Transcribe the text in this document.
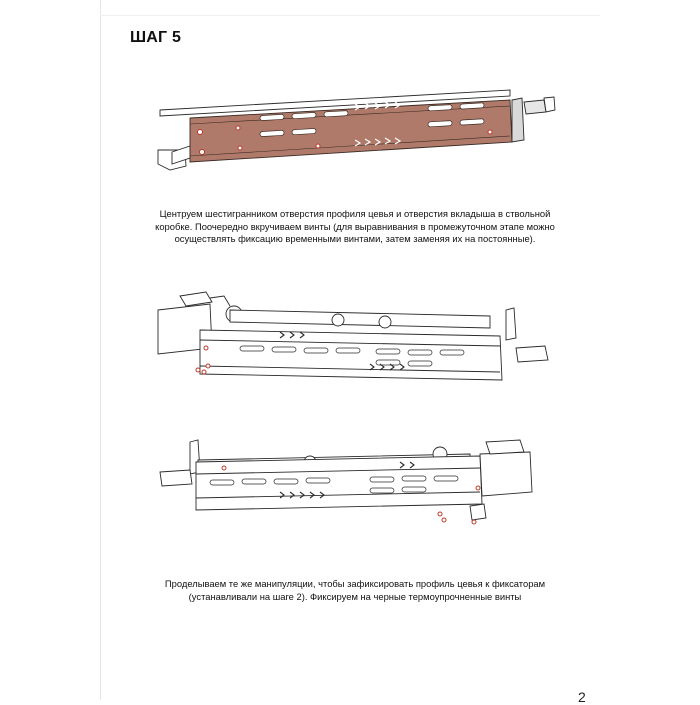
ШАГ 5

Центруем шестигранником отверстия профиля цевья и отверстия вкладыша в ствольной коробке. Поочередно вкручиваем винты (для выравнивания в промежуточном этапе можно осуществлять фиксацию временными винтами, затем заменяя их на постоянные).

Проделываем те же манипуляции, чтобы зафиксировать профиль цевья к фиксаторам (устанавливали на шаге 2). Фиксируем на черные термоупрочненные винты

2
